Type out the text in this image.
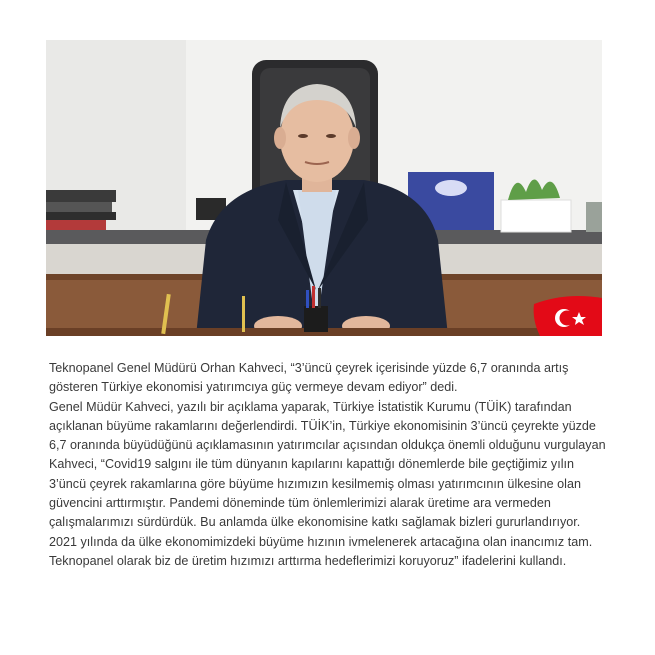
Teknopanel Genel Müdürü Orhan Kahveci, “3’üncü çeyrek içerisinde yüzde 6,7 oranında artış gösteren Türkiye ekonomisi yatırımcıya güç vermeye devam ediyor” dedi.

Genel Müdür Kahveci, yazılı bir açıklama yaparak, Türkiye İstatistik Kurumu (TÜİK) tarafından açıklanan büyüme rakamlarını değerlendirdi. TÜİK’in, Türkiye ekonomisinin 3’üncü çeyrekte yüzde 6,7 oranında büyüdüğünü açıklamasının yatırımcılar açısından oldukça önemli olduğunu vurgulayan Kahveci, “Covid19 salgını ile tüm dünyanın kapılarını kapattığı dönemlerde bile geçtiğimiz yılın 3’üncü çeyrek rakamlarına göre büyüme hızımızın kesilmemiş olması yatırımcının ülkesine olan güvencini arttırmıştır. Pandemi döneminde tüm önlemlerimizi alarak üretime ara vermeden çalışmalarımızı sürdürdük. Bu anlamda ülke ekonomisine katkı sağlamak bizleri gururlandırıyor. 2021 yılında da ülke ekonomimizdeki büyüme hızının ivmelenerek artacağına olan inancımız tam. Teknopanel olarak biz de üretim hızımızı arttırma hedeflerimizi koruyoruz” ifadelerini kullandı.
